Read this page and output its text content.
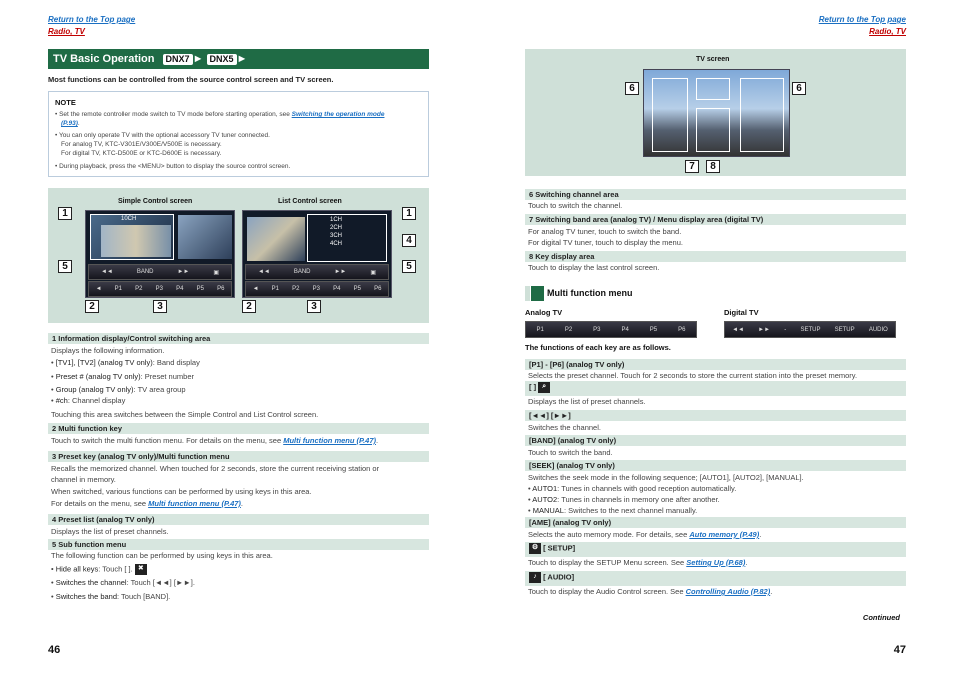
Return to the Top page
Radio, TV
Return to the Top page
Radio, TV
TV Basic Operation DNX7 ► DNX5 ►
Most functions can be controlled from the source control screen and TV screen.
NOTE
• Set the remote controller mode switch to TV mode before starting operation, see Switching the operation mode
(P.93).
• You can only operate TV with the optional accessory TV tuner connected.
For analog TV, KTC-V301E/V300E/V500E is necessary.
For digital TV, KTC-D500E or KTC-D600E is necessary.
• During playback, press the <MENU> button to display the source control screen.
Simple Control screen	List Control screen
10CH
◄◄	BAND	►►	▣
◄ P1 P2 P3 P4 P5 P6
1CH
2CH
3CH
4CH
◄◄	BAND	►►	▣
◄ P1 P2 P3 P4 P5 P6
1
5
2	3
1
4
5
2	3
1 Information display/Control switching area
Displays the following information.
• [TV1], [TV2] (analog TV only): Band display
• Preset # (analog TV only): Preset number
• Group (analog TV only): TV area group
• #ch: Channel display
Touching this area switches between the Simple Control and List Control screen.
2 Multi function key
Touch to switch the multi function menu. For details on the menu, see Multi function menu (P.47).
3 Preset key (analog TV only)/Multi function menu
Recalls the memorized channel. When touched for 2 seconds, store the current receiving station or
channel in memory.
When switched, various functions can be performed by using keys in this area.
For details on the menu, see Multi function menu (P.47).
4 Preset list (analog TV only)
Displays the list of preset channels.
5 Sub function menu
The following function can be performed by using keys in this area.
• Hide all keys: Touch [ ]. ✖
• Switches the channel: Touch [◄◄] [►►].
• Switches the band: Touch [BAND].
46
TV screen
6	6
7	8
6 Switching channel area
Touch to switch the channel.
7 Switching band area (analog TV) / Menu display area (digital TV)
For analog TV tuner, touch to switch the band.
For digital TV tuner, touch to display the menu.
8 Key display area
Touch to display the last control screen.
Multi function menu
Analog TV	Digital TV
P1	P2	P3	P4	P5	P6	◄◄ ►► - SETUP SETUP AUDIO
The functions of each key are as follows.
[P1] - [P6] (analog TV only)
Selects the preset channel. Touch for 2 seconds to store the current station into the preset memory.
[ ] ⌕
Displays the list of preset channels.
[◄◄] [►►]
Switches the channel.
[BAND] (analog TV only)
Touch to switch the band.
[SEEK] (analog TV only)
Switches the seek mode in the following sequence; [AUTO1], [AUTO2], [MANUAL].
• AUTO1: Tunes in channels with good reception automatically.
• AUTO2: Tunes in channels in memory one after another.
• MANUAL: Switches to the next channel manually.
[AME] (analog TV only)
Selects the auto memory mode. For details, see Auto memory (P.49).
⚙ [ SETUP]
Touch to display the SETUP Menu screen. See Setting Up (P.68).
♪ [ AUDIO]
Touch to display the Audio Control screen. See Controlling Audio (P.82).
Continued
47
